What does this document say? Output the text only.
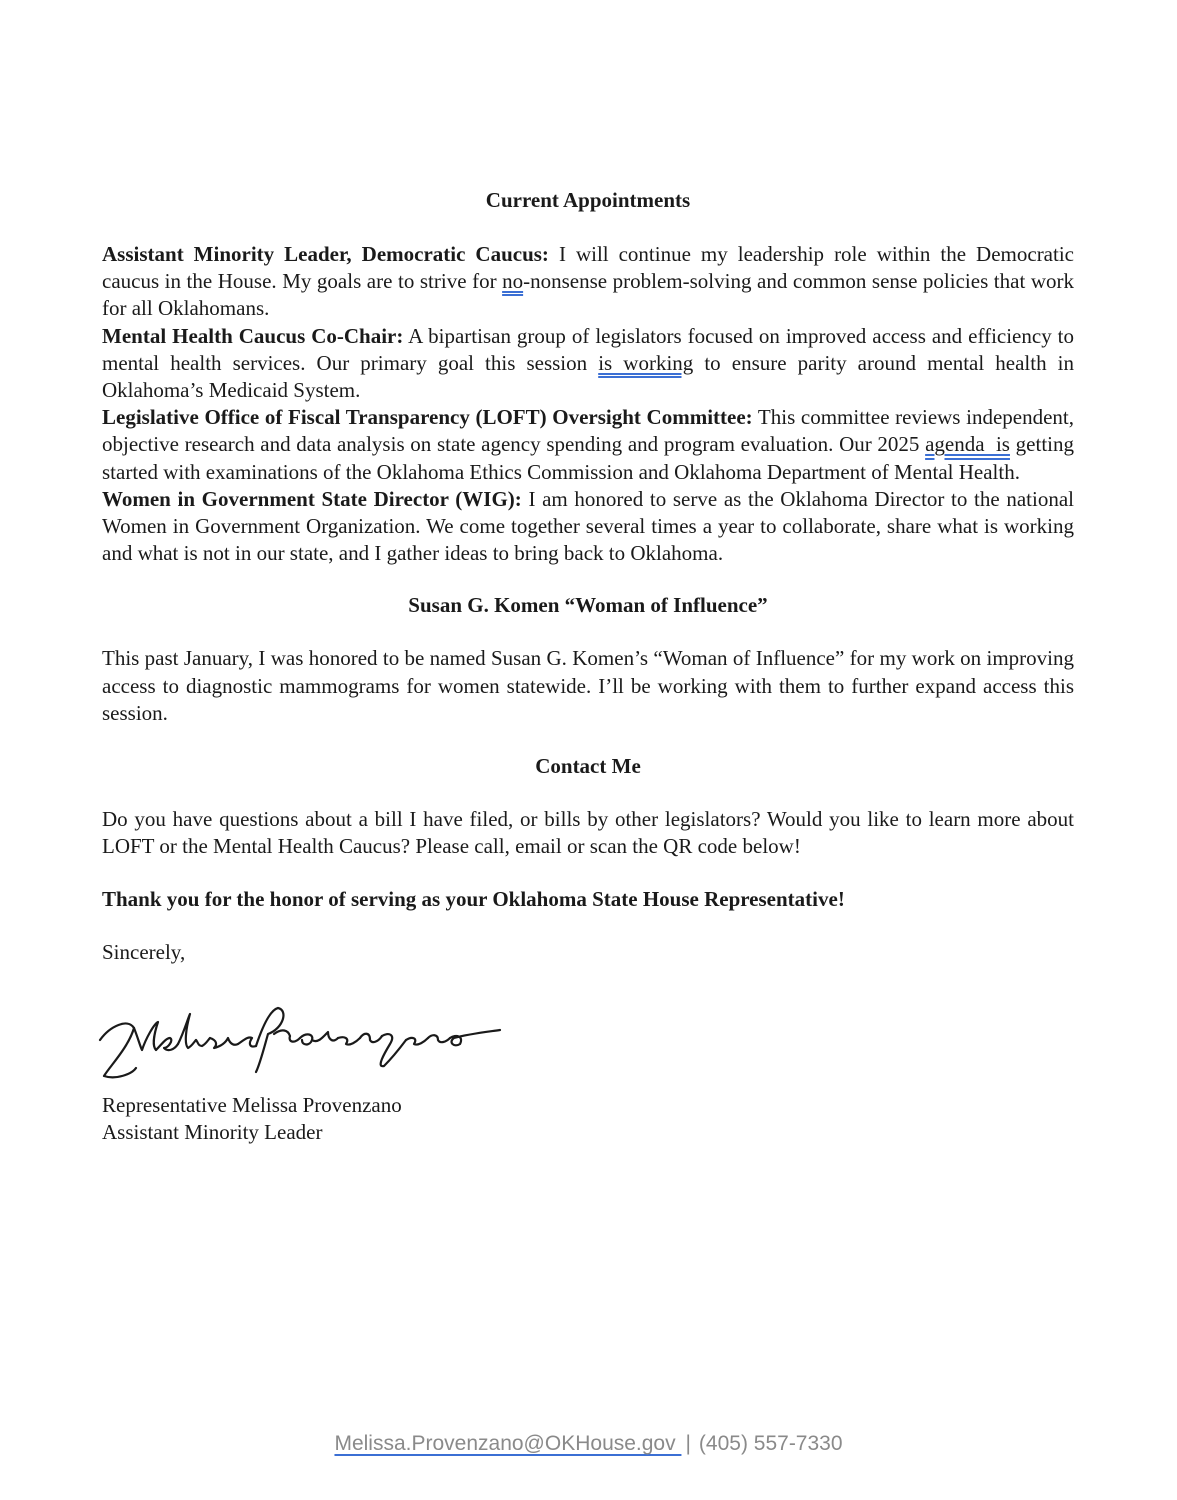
Current Appointments

Assistant Minority Leader, Democratic Caucus: I will continue my leadership role within the Democratic caucus in the House. My goals are to strive for no-nonsense problem-solving and common sense policies that work for all Oklahomans.

Mental Health Caucus Co-Chair: A bipartisan group of legislators focused on improved access and efficiency to mental health services. Our primary goal this session is working to ensure parity around mental health in Oklahoma’s Medicaid System.

Legislative Office of Fiscal Transparency (LOFT) Oversight Committee: This committee reviews independent, objective research and data analysis on state agency spending and program evaluation. Our 2025 agenda  is getting started with examinations of the Oklahoma Ethics Commission and Oklahoma Department of Mental Health.

Women in Government State Director (WIG): I am honored to serve as the Oklahoma Director to the national Women in Government Organization. We come together several times a year to collaborate, share what is working and what is not in our state, and I gather ideas to bring back to Oklahoma.

Susan G. Komen “Woman of Influence”

This past January, I was honored to be named Susan G. Komen’s “Woman of Influence” for my work on improving access to diagnostic mammograms for women statewide. I’ll be working with them to further expand access this session.

Contact Me

Do you have questions about a bill I have filed, or bills by other legislators? Would you like to learn more about LOFT or the Mental Health Caucus? Please call, email or scan the QR code below!

Thank you for the honor of serving as your Oklahoma State House Representative!

Sincerely,

Representative Melissa Provenzano

Assistant Minority Leader

Melissa.Provenzano@OKHouse.gov | (405) 557-7330
